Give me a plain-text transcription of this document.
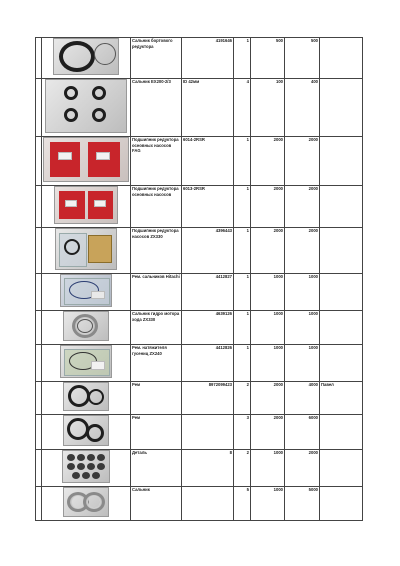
	Сальник бортового редуктора	4191646	1	500	500	

	Сальник EX200-2/3	ID 42мм	4	100	400	

	Подшипник редуктора основных насосов FAG	6014-2RSR	1	2000	2000	

	Подшипник редуктора основных насосов	6013-2RSR	1	2000	2000	

	Подшипник редуктора насосов ZX330	4396443	1	2000	2000	

	Рем. сальников Hitachi	4412827	1	1000	1000	

	Сальник гидро мотора хода ZX330	4639126	1	1000	1000	

	Рем. натяжителя гусениц ZX240	4412826	1	1000	1000	

	Рем	8972099423	2	2000	4000	Павел

	Рем		3	2000	6000	

	Деталь	8	2	1000	2000	

	Сальник		5	1000	5000	
